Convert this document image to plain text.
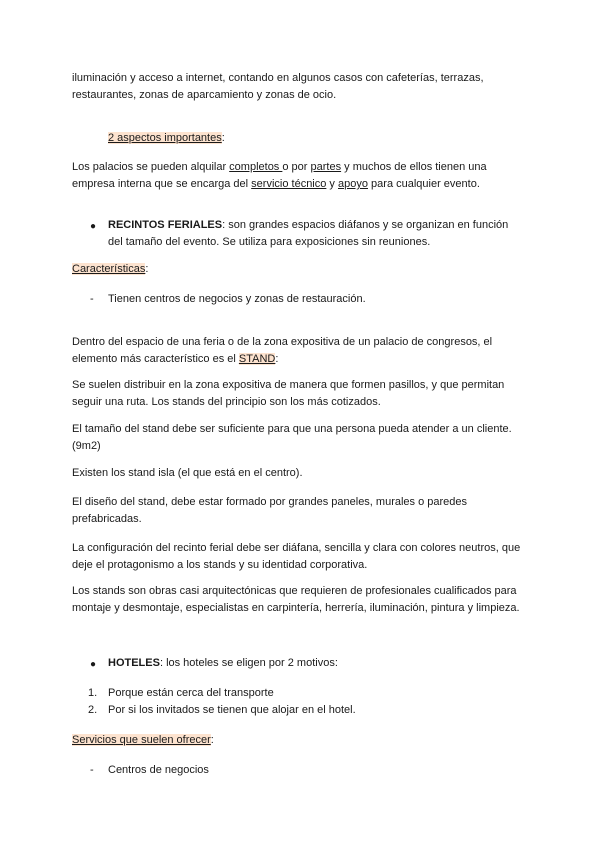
iluminación y acceso a internet, contando en algunos casos con cafeterías, terrazas,
restaurantes, zonas de aparcamiento y zonas de ocio.

2 aspectos importantes:

Los palacios se pueden alquilar completos o por partes y muchos de ellos tienen una
empresa interna que se encarga del servicio técnico y apoyo para cualquier evento.

● RECINTOS FERIALES: son grandes espacios diáfanos y se organizan en función
del tamaño del evento. Se utiliza para exposiciones sin reuniones.

Características:

- Tienen centros de negocios y zonas de restauración.

Dentro del espacio de una feria o de la zona expositiva de un palacio de congresos, el
elemento más característico es el STAND:

Se suelen distribuir en la zona expositiva de manera que formen pasillos, y que permitan
seguir una ruta. Los stands del principio son los más cotizados.

El tamaño del stand debe ser suficiente para que una persona pueda atender a un cliente.
(9m2)

Existen los stand isla (el que está en el centro).

El diseño del stand, debe estar formado por grandes paneles, murales o paredes
prefabricadas.

La configuración del recinto ferial debe ser diáfana, sencilla y clara con colores neutros, que
deje el protagonismo a los stands y su identidad corporativa.

Los stands son obras casi arquitectónicas que requieren de profesionales cualificados para
montaje y desmontaje, especialistas en carpintería, herrería, iluminación, pintura y limpieza.

● HOTELES: los hoteles se eligen por 2 motivos:
1. Porque están cerca del transporte
2. Por si los invitados se tienen que alojar en el hotel.

Servicios que suelen ofrecer:

- Centros de negocios
